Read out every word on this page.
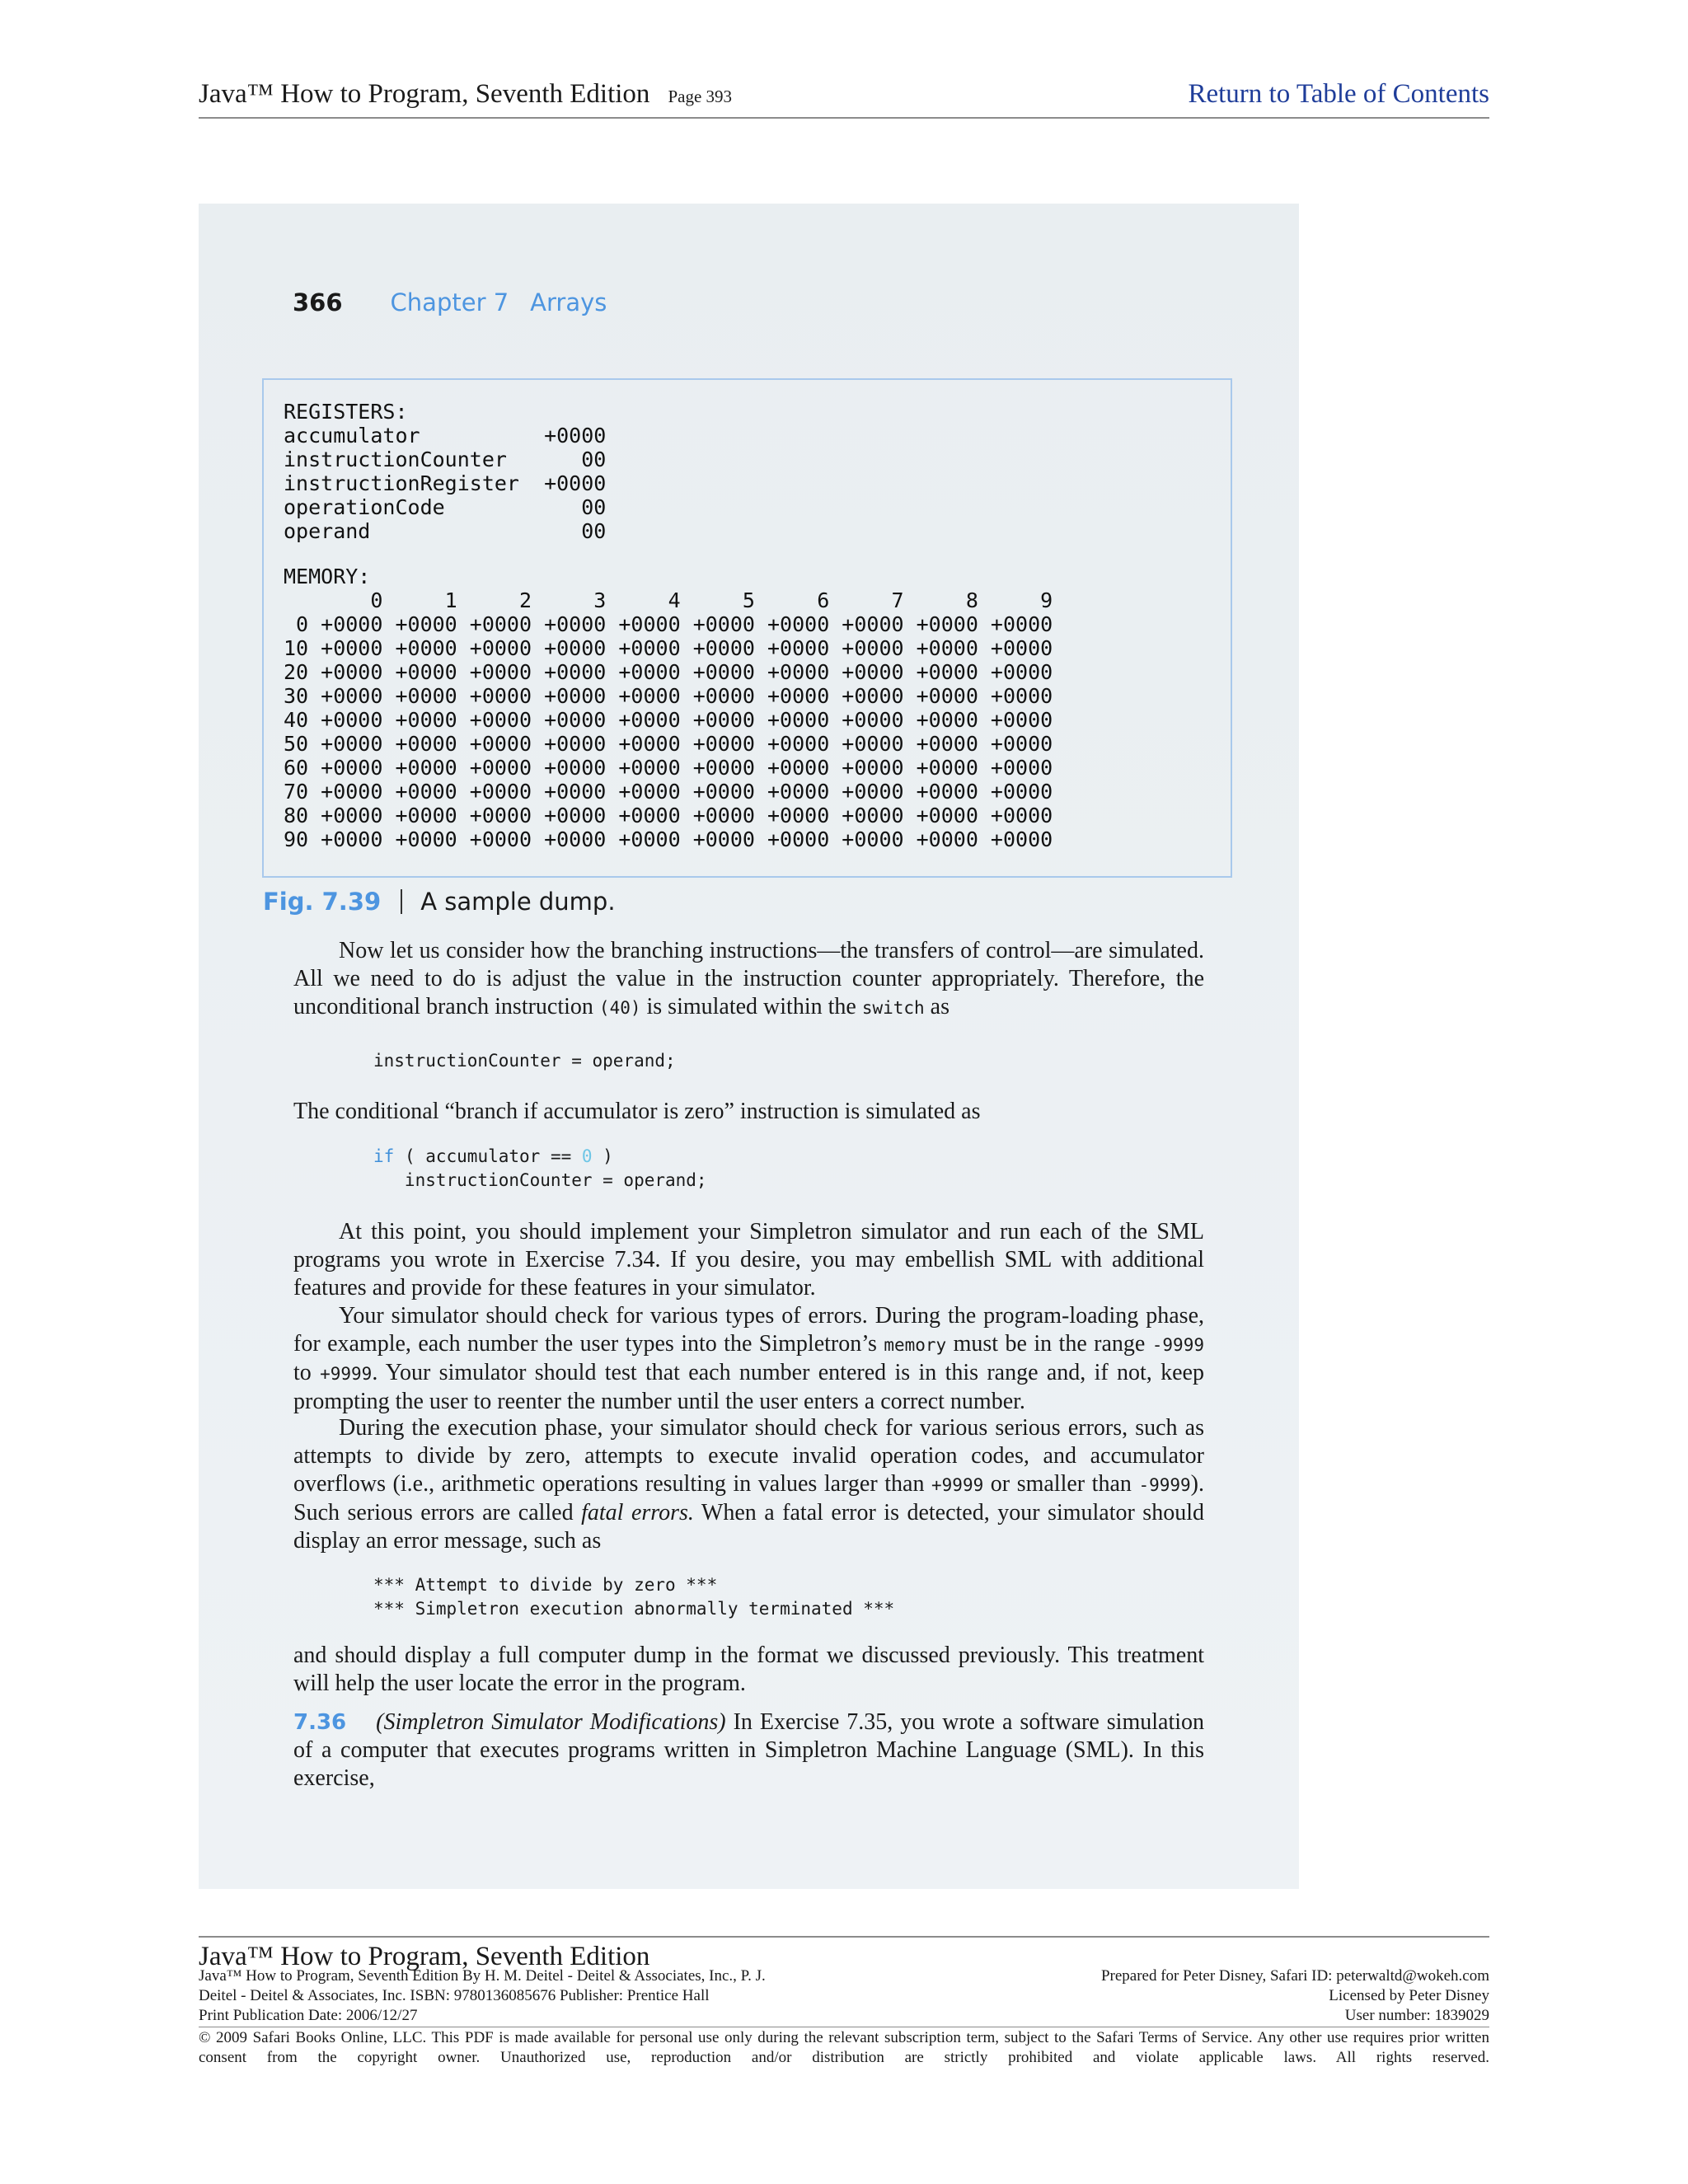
Java™ How to Program, Seventh Edition Page 393	Return to Table of Contents
366 Chapter 7 Arrays
REGISTERS:
accumulator          +0000
instructionCounter      00
instructionRegister  +0000
operationCode           00
operand                 00
MEMORY:
0     1     2     3     4     5     6     7     8     9
0 +0000 +0000 +0000 +0000 +0000 +0000 +0000 +0000 +0000 +0000
10 +0000 +0000 +0000 +0000 +0000 +0000 +0000 +0000 +0000 +0000
20 +0000 +0000 +0000 +0000 +0000 +0000 +0000 +0000 +0000 +0000
30 +0000 +0000 +0000 +0000 +0000 +0000 +0000 +0000 +0000 +0000
40 +0000 +0000 +0000 +0000 +0000 +0000 +0000 +0000 +0000 +0000
50 +0000 +0000 +0000 +0000 +0000 +0000 +0000 +0000 +0000 +0000
60 +0000 +0000 +0000 +0000 +0000 +0000 +0000 +0000 +0000 +0000
70 +0000 +0000 +0000 +0000 +0000 +0000 +0000 +0000 +0000 +0000
80 +0000 +0000 +0000 +0000 +0000 +0000 +0000 +0000 +0000 +0000
90 +0000 +0000 +0000 +0000 +0000 +0000 +0000 +0000 +0000 +0000
Fig. 7.39 A sample dump.

Now let us consider how the branching instructions—the transfers of control—are simulated. All we need to do is adjust the value in the instruction counter appropriately. Therefore, the unconditional branch instruction (40) is simulated within the switch as

instructionCounter = operand;

The conditional “branch if accumulator is zero” instruction is simulated as

if ( accumulator == 0 )
instructionCounter = operand;

At this point, you should implement your Simpletron simulator and run each of the SML programs you wrote in Exercise 7.34. If you desire, you may embellish SML with additional features and provide for these features in your simulator.

Your simulator should check for various types of errors. During the program-loading phase, for example, each number the user types into the Simpletron’s memory must be in the range -9999 to +9999. Your simulator should test that each number entered is in this range and, if not, keep prompting the user to reenter the number until the user enters a correct number.

During the execution phase, your simulator should check for various serious errors, such as attempts to divide by zero, attempts to execute invalid operation codes, and accumulator overflows (i.e., arithmetic operations resulting in values larger than +9999 or smaller than -9999). Such serious errors are called fatal errors. When a fatal error is detected, your simulator should display an error message, such as

*** Attempt to divide by zero ***
*** Simpletron execution abnormally terminated ***

and should display a full computer dump in the format we discussed previously. This treatment will help the user locate the error in the program.

7.36 (Simpletron Simulator Modifications) In Exercise 7.35, you wrote a software simulation of a computer that executes programs written in Simpletron Machine Language (SML). In this exercise,

Java™ How to Program, Seventh Edition
Java™ How to Program, Seventh Edition By H. M. Deitel - Deitel & Associates, Inc., P. J.
Deitel - Deitel & Associates, Inc. ISBN: 9780136085676 Publisher: Prentice Hall
Print Publication Date: 2006/12/27
Prepared for Peter Disney, Safari ID: peterwaltd@wokeh.com
Licensed by Peter Disney
User number: 1839029
© 2009 Safari Books Online, LLC. This PDF is made available for personal use only during the relevant subscription term, subject to the Safari Terms of Service. Any other use requires prior written consent from the copyright owner. Unauthorized use, reproduction and/or distribution are strictly prohibited and violate applicable laws. All rights reserved.
